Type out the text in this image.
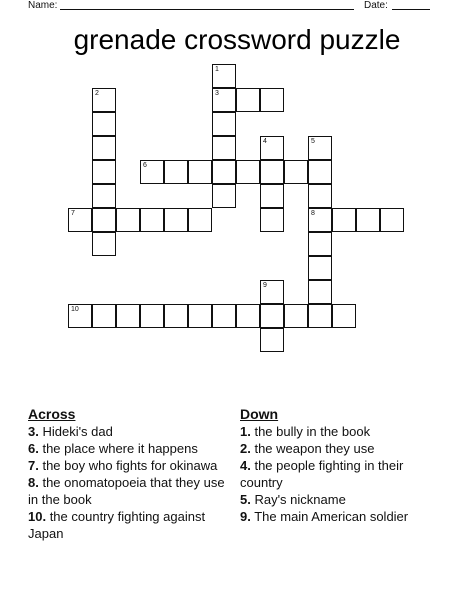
Name:	Date:
grenade crossword puzzle
1
2	3
4	5
6
7	8
9
10
Across
3. Hideki's dad
6. the place where it happens
7. the boy who fights for okinawa
8. the onomatopoeia that they use in the book
10. the country fighting against Japan
Down
1. the bully in the book
2. the weapon they use
4. the people fighting in their country
5. Ray's nickname
9. The main American soldier
